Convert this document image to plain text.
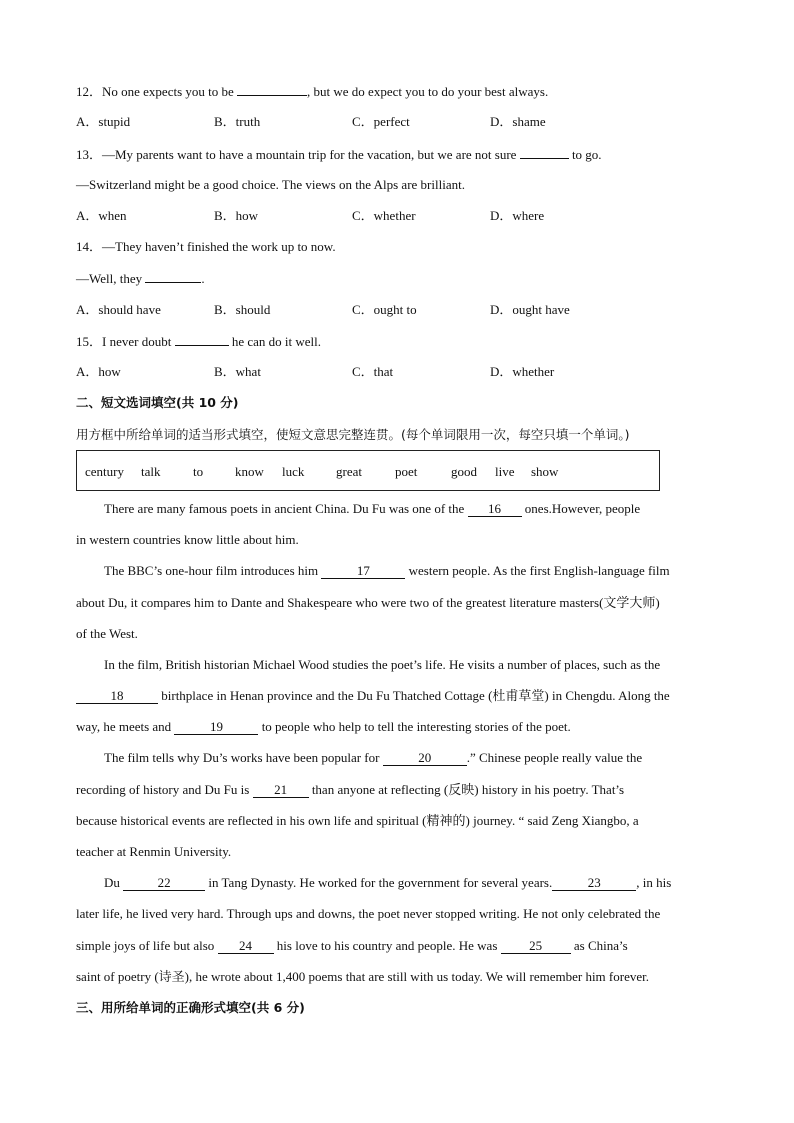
12．No one expects you to be	, but we do expect you to do your best always.
A．stupid	B．truth	C．perfect	D．shame
13．—My parents want to have a mountain trip for the vacation, but we are not sure	to go.
—Switzerland might be a good choice. The views on the Alps are brilliant.
A．when	B．how	C．whether	D．where
14．—They haven’t finished the work up to now.
—Well, they	.
A．should have	B．should	C．ought to	D．ought have
15．I never doubt	he can do it well.
A．how	B．what	C．that	D．whether
二、短文选词填空(共 10 分)
用方框中所给单词的适当形式填空，使短文意思完整连贯。(每个单词限用一次，每空只填一个单词。)
century talk	to know luck great	poet	good live show
There are many famous poets in ancient China. Du Fu was one of the 16 ones.However, people
in western countries know little about him.
The BBC’s one-hour film introduces him	17	western people. As the first English-language film
about Du, it compares him to Dante and Shakespeare who were two of the greatest literature masters(文学大师)
of the West.
In the film, British historian Michael Wood studies the poet’s life. He visits a number of places, such as the
18	birthplace in Henan province and the Du Fu Thatched Cottage (杜甫草堂) in Chengdu. Along the
way, he meets and	19	to people who help to tell the interesting stories of the poet.
The film tells why Du’s works have been popular for	20	.” Chinese people really value the
recording of history and Du Fu is 21 than anyone at reflecting (反映) history in his poetry. That’s
because historical events are reflected in his own life and spiritual (精神的) journey. “ said Zeng Xiangbo, a
teacher at Renmin University.
Du	22	in Tang Dynasty. He worked for the government for several years.	23	, in his
later life, he lived very hard. Through ups and downs, the poet never stopped writing. He not only celebrated the
simple joys of life but also 24 his love to his country and people. He was 25 as China’s
saint of poetry (诗圣), he wrote about 1,400 poems that are still with us today. We will remember him forever.
三、用所给单词的正确形式填空(共 6 分)
